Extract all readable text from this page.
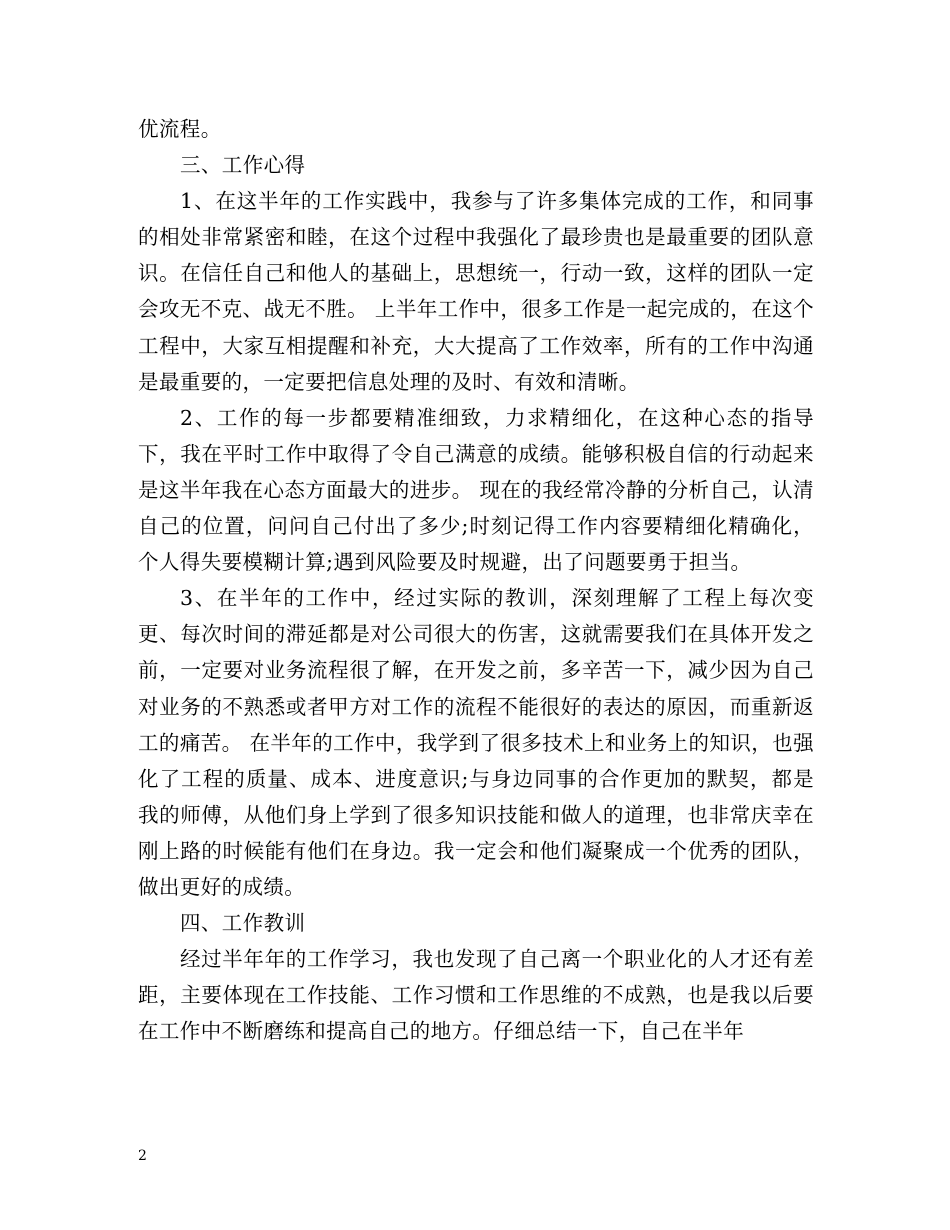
优流程。

三、工作心得

1、在这半年的工作实践中，我参与了许多集体完成的工作，和同事的相处非常紧密和睦，在这个过程中我强化了最珍贵也是最重要的团队意识。在信任自己和他人的基础上，思想统一，行动一致，这样的团队一定会攻无不克、战无不胜。 上半年工作中，很多工作是一起完成的，在这个工程中，大家互相提醒和补充，大大提高了工作效率，所有的工作中沟通是最重要的，一定要把信息处理的及时、有效和清晰。

2、工作的每一步都要精准细致，力求精细化，在这种心态的指导下，我在平时工作中取得了令自己满意的成绩。能够积极自信的行动起来是这半年我在心态方面最大的进步。 现在的我经常冷静的分析自己，认清自己的位置，问问自己付出了多少;时刻记得工作内容要精细化精确化，个人得失要模糊计算;遇到风险要及时规避，出了问题要勇于担当。

3、在半年的工作中，经过实际的教训，深刻理解了工程上每次变更、每次时间的滞延都是对公司很大的伤害，这就需要我们在具体开发之前，一定要对业务流程很了解，在开发之前，多辛苦一下，减少因为自己对业务的不熟悉或者甲方对工作的流程不能很好的表达的原因，而重新返工的痛苦。 在半年的工作中，我学到了很多技术上和业务上的知识，也强化了工程的质量、成本、进度意识;与身边同事的合作更加的默契，都是我的师傅，从他们身上学到了很多知识技能和做人的道理，也非常庆幸在刚上路的时候能有他们在身边。我一定会和他们凝聚成一个优秀的团队，做出更好的成绩。

四、工作教训

经过半年年的工作学习，我也发现了自己离一个职业化的人才还有差距，主要体现在工作技能、工作习惯和工作思维的不成熟，也是我以后要在工作中不断磨练和提高自己的地方。仔细总结一下，自己在半年

2
